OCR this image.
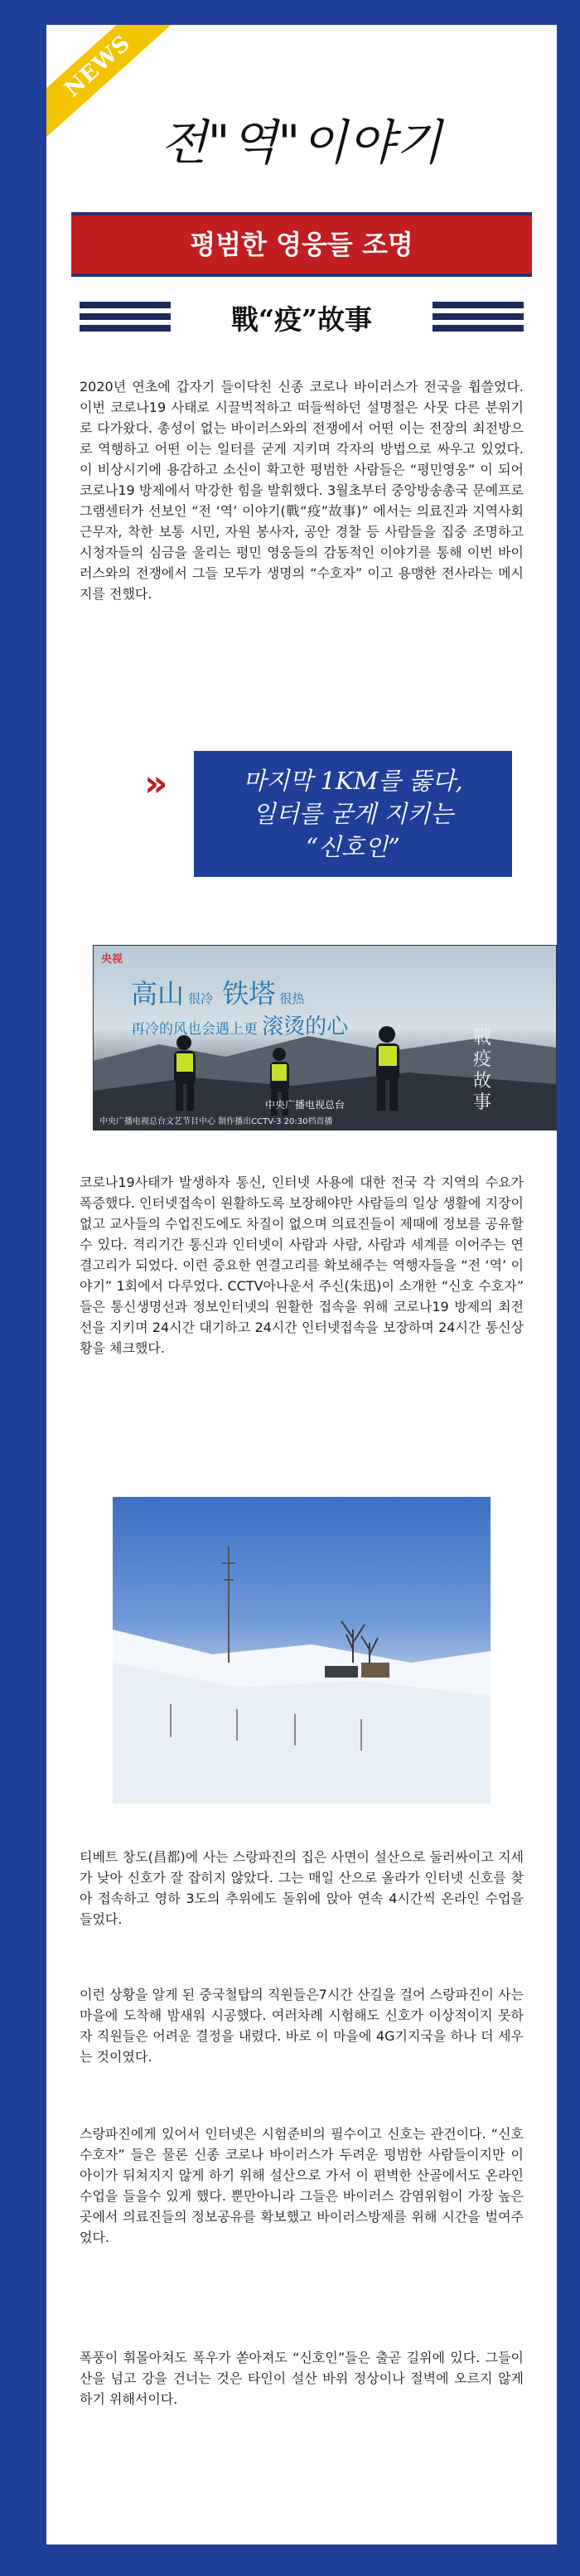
NEWS
전"역"이야기
평범한 영웅들 조명
戰“疫”故事
2020년 연초에 갑자기 들이닥친 신종 코로나 바이러스가 전국을 휩쓸었다. 이번 코로나19 사태로 시끌벅적하고 떠들썩하던 설명절은 사뭇 다른 분위기로 다가왔다. 총성이 없는 바이러스와의 전쟁에서 어떤 이는 전장의 최전방으로 역행하고 어떤 이는 일터를 굳게 지키며 각자의 방법으로 싸우고 있었다. 이 비상시기에 용감하고 소신이 확고한 평범한 사람들은 “평민영웅” 이 되어 코로나19 방제에서 막강한 힘을 발휘했다. 3월초부터 중앙방송총국 문예프로그램센터가 선보인 “전 ‘역’ 이야기(戰“疫”故事)” 에서는 의료진과 지역사회 근무자, 착한 보통 시민, 자원 봉사자, 공안 경찰 등 사람들을 집중 조명하고 시청자들의 심금을 울리는 평민 영웅들의 감동적인 이야기를 통해 이번 바이러스와의 전쟁에서 그들 모두가 생명의 “수호자” 이고 용맹한 전사라는 메시지를 전했다.
»	마지막 1KM를 뚫다,
일터를 굳게 지키는
“신호인”
央视
高山 很冷 铁塔 很热
再冷的风也会遇上更 滚烫的心	戰疫故事
中央广播电视总台
中央广播电视总台文艺节目中心 制作播出CCTV-3 20:30档首播
코로나19사태가 발생하자 통신, 인터넷 사용에 대한 전국 각 지역의 수요가 폭증했다. 인터넷접속이 원활하도록 보장해야만 사람들의 일상 생활에 지장이 없고 교사들의 수업진도에도 차질이 없으며 의료진들이 제때에 정보를 공유할수 있다. 격리기간 통신과 인터넷이 사람과 사람, 사람과 세계를 이어주는 연결고리가 되었다. 이런 중요한 연결고리를 확보해주는 역행자들을 “전 ‘역’ 이야기” 1회에서 다루었다. CCTV아나운서 주신(朱迅)이 소개한 “신호 수호자” 들은 통신생명선과 정보인터넷의 원활한 접속을 위해 코로나19 방제의 최전선을 지키며 24시간 대기하고 24시간 인터넷접속을 보장하며 24시간 통신상황을 체크했다.
티베트 창도(昌都)에 사는 스랑파진의 집은 사면이 설산으로 둘러싸이고 지세가 낮아 신호가 잘 잡히지 않았다. 그는 매일 산으로 올라가 인터넷 신호를 찾아 접속하고 영하 3도의 추위에도 돌위에 앉아 연속 4시간씩 온라인 수업을 들었다.
이런 상황을 알게 된 중국철탑의 직원들은7시간 산길을 걸어 스랑파진이 사는 마을에 도착해 밤새워 시공했다. 여러차례 시험해도 신호가 이상적이지 못하자 직원들은 어려운 결정을 내렸다. 바로 이 마을에 4G기지국을 하나 더 세우는 것이였다.
스랑파진에게 있어서 인터넷은 시험준비의 필수이고 신호는 관건이다. “신호 수호자” 들은 물론 신종 코로나 바이러스가 두려운 평범한 사람들이지만 이 아이가 뒤쳐지지 않게 하기 위해 설산으로 가서 이 편벽한 산골에서도 온라인 수업을 들을수 있게 했다. 뿐만아니라 그들은 바이러스 감염위험이 가장 높은 곳에서 의료진들의 정보공유를 확보했고 바이러스방제를 위해 시간을 벌여주었다.
폭풍이 휘몰아쳐도 폭우가 쏟아져도 “신호인”들은 출곧 길위에 있다. 그들이 산을 넘고 강을 건너는 것은 타인이 설산 바위 정상이나 절벽에 오르지 않게 하기 위해서이다.
